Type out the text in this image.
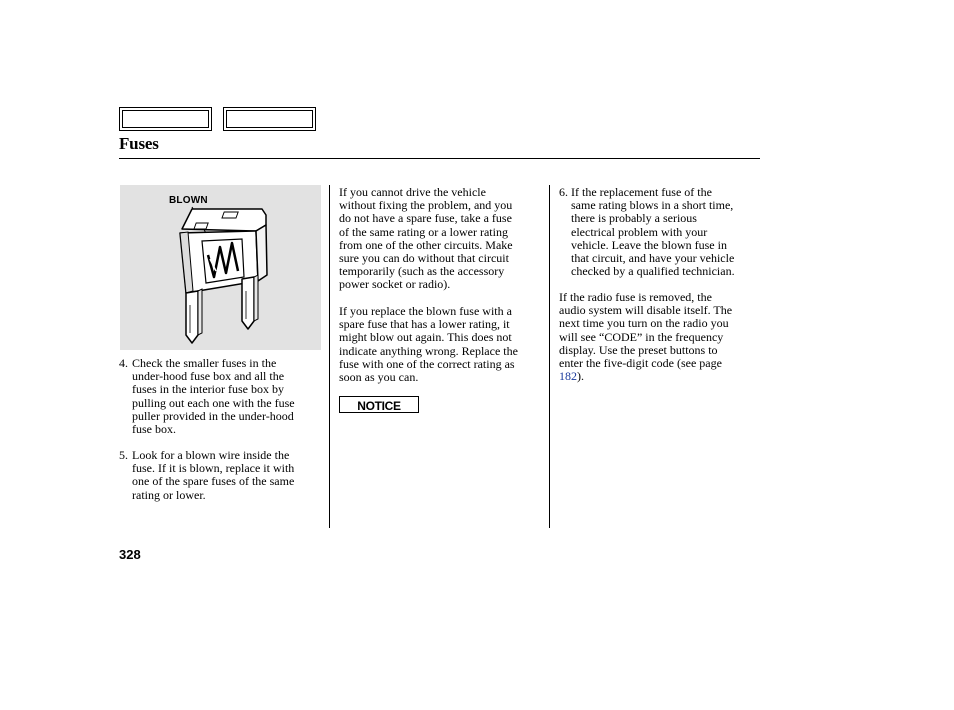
Fuses
BLOWN
4. Check the smaller fuses in the
under-hood fuse box and all the
fuses in the interior fuse box by
pulling out each one with the fuse
puller provided in the under-hood
fuse box.
5. Look for a blown wire inside the
fuse. If it is blown, replace it with
one of the spare fuses of the same
rating or lower.
If you cannot drive the vehicle
without fixing the problem, and you
do not have a spare fuse, take a fuse
of the same rating or a lower rating
from one of the other circuits. Make
sure you can do without that circuit
temporarily (such as the accessory
power socket or radio).
If you replace the blown fuse with a
spare fuse that has a lower rating, it
might blow out again. This does not
indicate anything wrong. Replace the
fuse with one of the correct rating as
soon as you can.
NOTICE
6. If the replacement fuse of the
same rating blows in a short time,
there is probably a serious
electrical problem with your
vehicle. Leave the blown fuse in
that circuit, and have your vehicle
checked by a qualified technician.
If the radio fuse is removed, the
audio system will disable itself. The
next time you turn on the radio you
will see “CODE” in the frequency
display. Use the preset buttons to
enter the five-digit code (see page
182).
328
